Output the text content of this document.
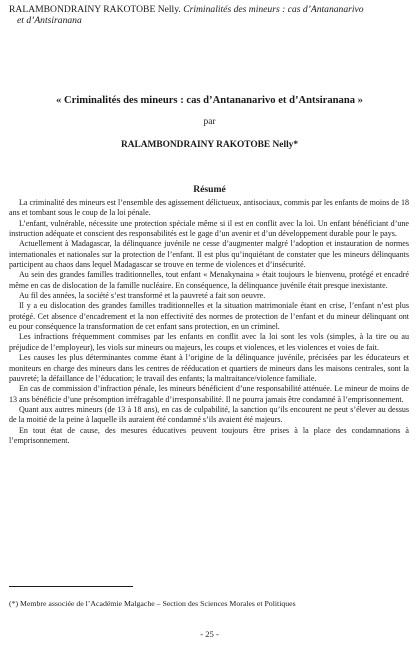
RALAMBONDRAINY RAKOTOBE Nelly. Criminalités des mineurs : cas d’Antananarivo
et d’Antsiranana
« Criminalités des mineurs : cas d’Antananarivo et d’Antsiranana »
par
RALAMBONDRAINY RAKOTOBE Nelly*
Résumé

La criminalité des mineurs est l’ensemble des agissement délictueux, antisociaux, commis par les enfants de moins de 18 ans et tombant sous le coup de la loi pénale.

L’enfant, vulnérable, nécessite une protection spéciale même si il est en conflit avec la loi. Un enfant bénéficiant d’une instruction adéquate et conscient des responsabilités est le gage d’un avenir et d’un développement durable pour le pays.

Actuellement à Madagascar, la délinquance juvénile ne cesse d’augmenter malgré l’adoption et instauration de normes internationales et nationales sur la protection de l’enfant. Il est plus qu’inquiétant de constater que les mineurs délinquants participent au chaos dans lequel Madagascar se trouve en terme de violences et d’insécurité.

Au sein des grandes familles traditionnelles, tout enfant « Menakynaina » était toujours le bienvenu, protégé et encadré même en cas de dislocation de la famille nucléaire. En conséquence, la délinquance juvénile était presque inexistante.

Au fil des années, la société s’est transformé et la pauvreté a fait son oeuvre.

Il y a eu dislocation des grandes familles traditionnelles et la situation matrimoniale étant en crise, l’enfant n’est plus protégé. Cet absence d’encadrement et la non effectivité des normes de protection de l’enfant et du mineur délinquant ont eu pour conséquence la transformation de cet enfant sans protection, en un criminel.

Les infractions fréquemment commises par les enfants en conflit avec la loi sont les vols (simples, à la tire ou au préjudice de l’employeur), les viols sur mineurs ou majeurs, les coups et violences, et les violences et voies de fait.

Les causes les plus déterminantes comme étant à l’origine de la délinquance juvénile, précisées par les éducateurs et moniteurs en charge des mineurs dans les centres de rééducation et quartiers de mineurs dans les maisons centrales, sont la pauvreté; la défaillance de l’éducation; le travail des enfants; la maltraitance/violence familiale.

En cas de commission d’infraction pénale, les mineurs bénéficient d’une responsabilité atténuée. Le mineur de moins de 13 ans bénéficie d’une présomption irréfragable d’irresponsabilité. Il ne pourra jamais être condamné à l’emprisonnement.

Quant aux autres mineurs (de 13 à 18 ans), en cas de culpabilité, la sanction qu’ils encourent ne peut s’élever au dessus de la moitié de la peine à laquelle ils auraient été condamné s’ils avaient été majeurs.

En tout état de cause, des mesures éducatives peuvent toujours être prises à la place des condamnations à l’emprisonnement.

(*) Membre associée de l’Académie Malgache – Section des Sciences Morales et Politiques
- 25 -
